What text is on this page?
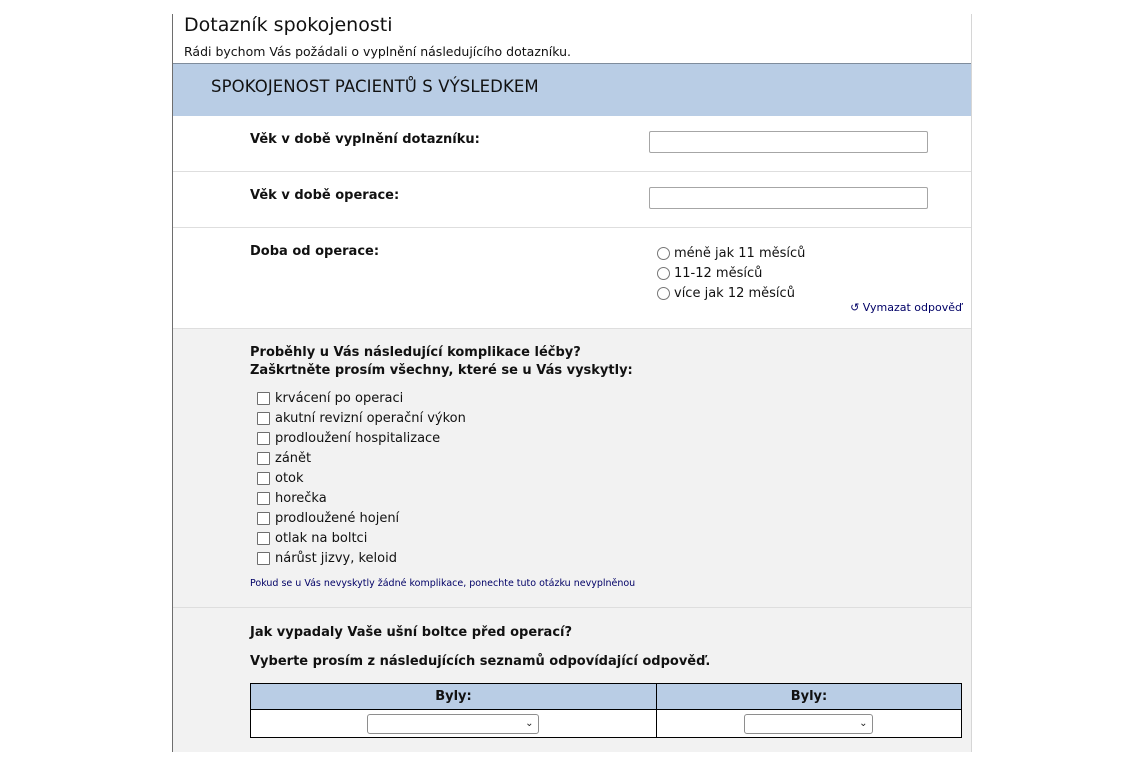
Dotazník spokojenosti
Rádi bychom Vás požádali o vyplnění následujícího dotazníku.
SPOKOJENOST PACIENTŮ S VÝSLEDKEM
Věk v době vyplnění dotazníku:
Věk v době operace:
Doba od operace:	méně jak 11 měsíců
11-12 měsíců
více jak 12 měsíců
↺ Vymazat odpověď
Proběhly u Vás následující komplikace léčby?
Zaškrtněte prosím všechny, které se u Vás vyskytly:
krvácení po operaci
akutní revizní operační výkon
prodloužení hospitalizace
zánět
otok
horečka
prodloužené hojení
otlak na boltci
nárůst jizvy, keloid
Pokud se u Vás nevyskytly žádné komplikace, ponechte tuto otázku nevyplněnou
Jak vypadaly Vaše ušní boltce před operací?
Vyberte prosím z následujících seznamů odpovídající odpověď.
Byly:	Byly:

⌄	⌄
